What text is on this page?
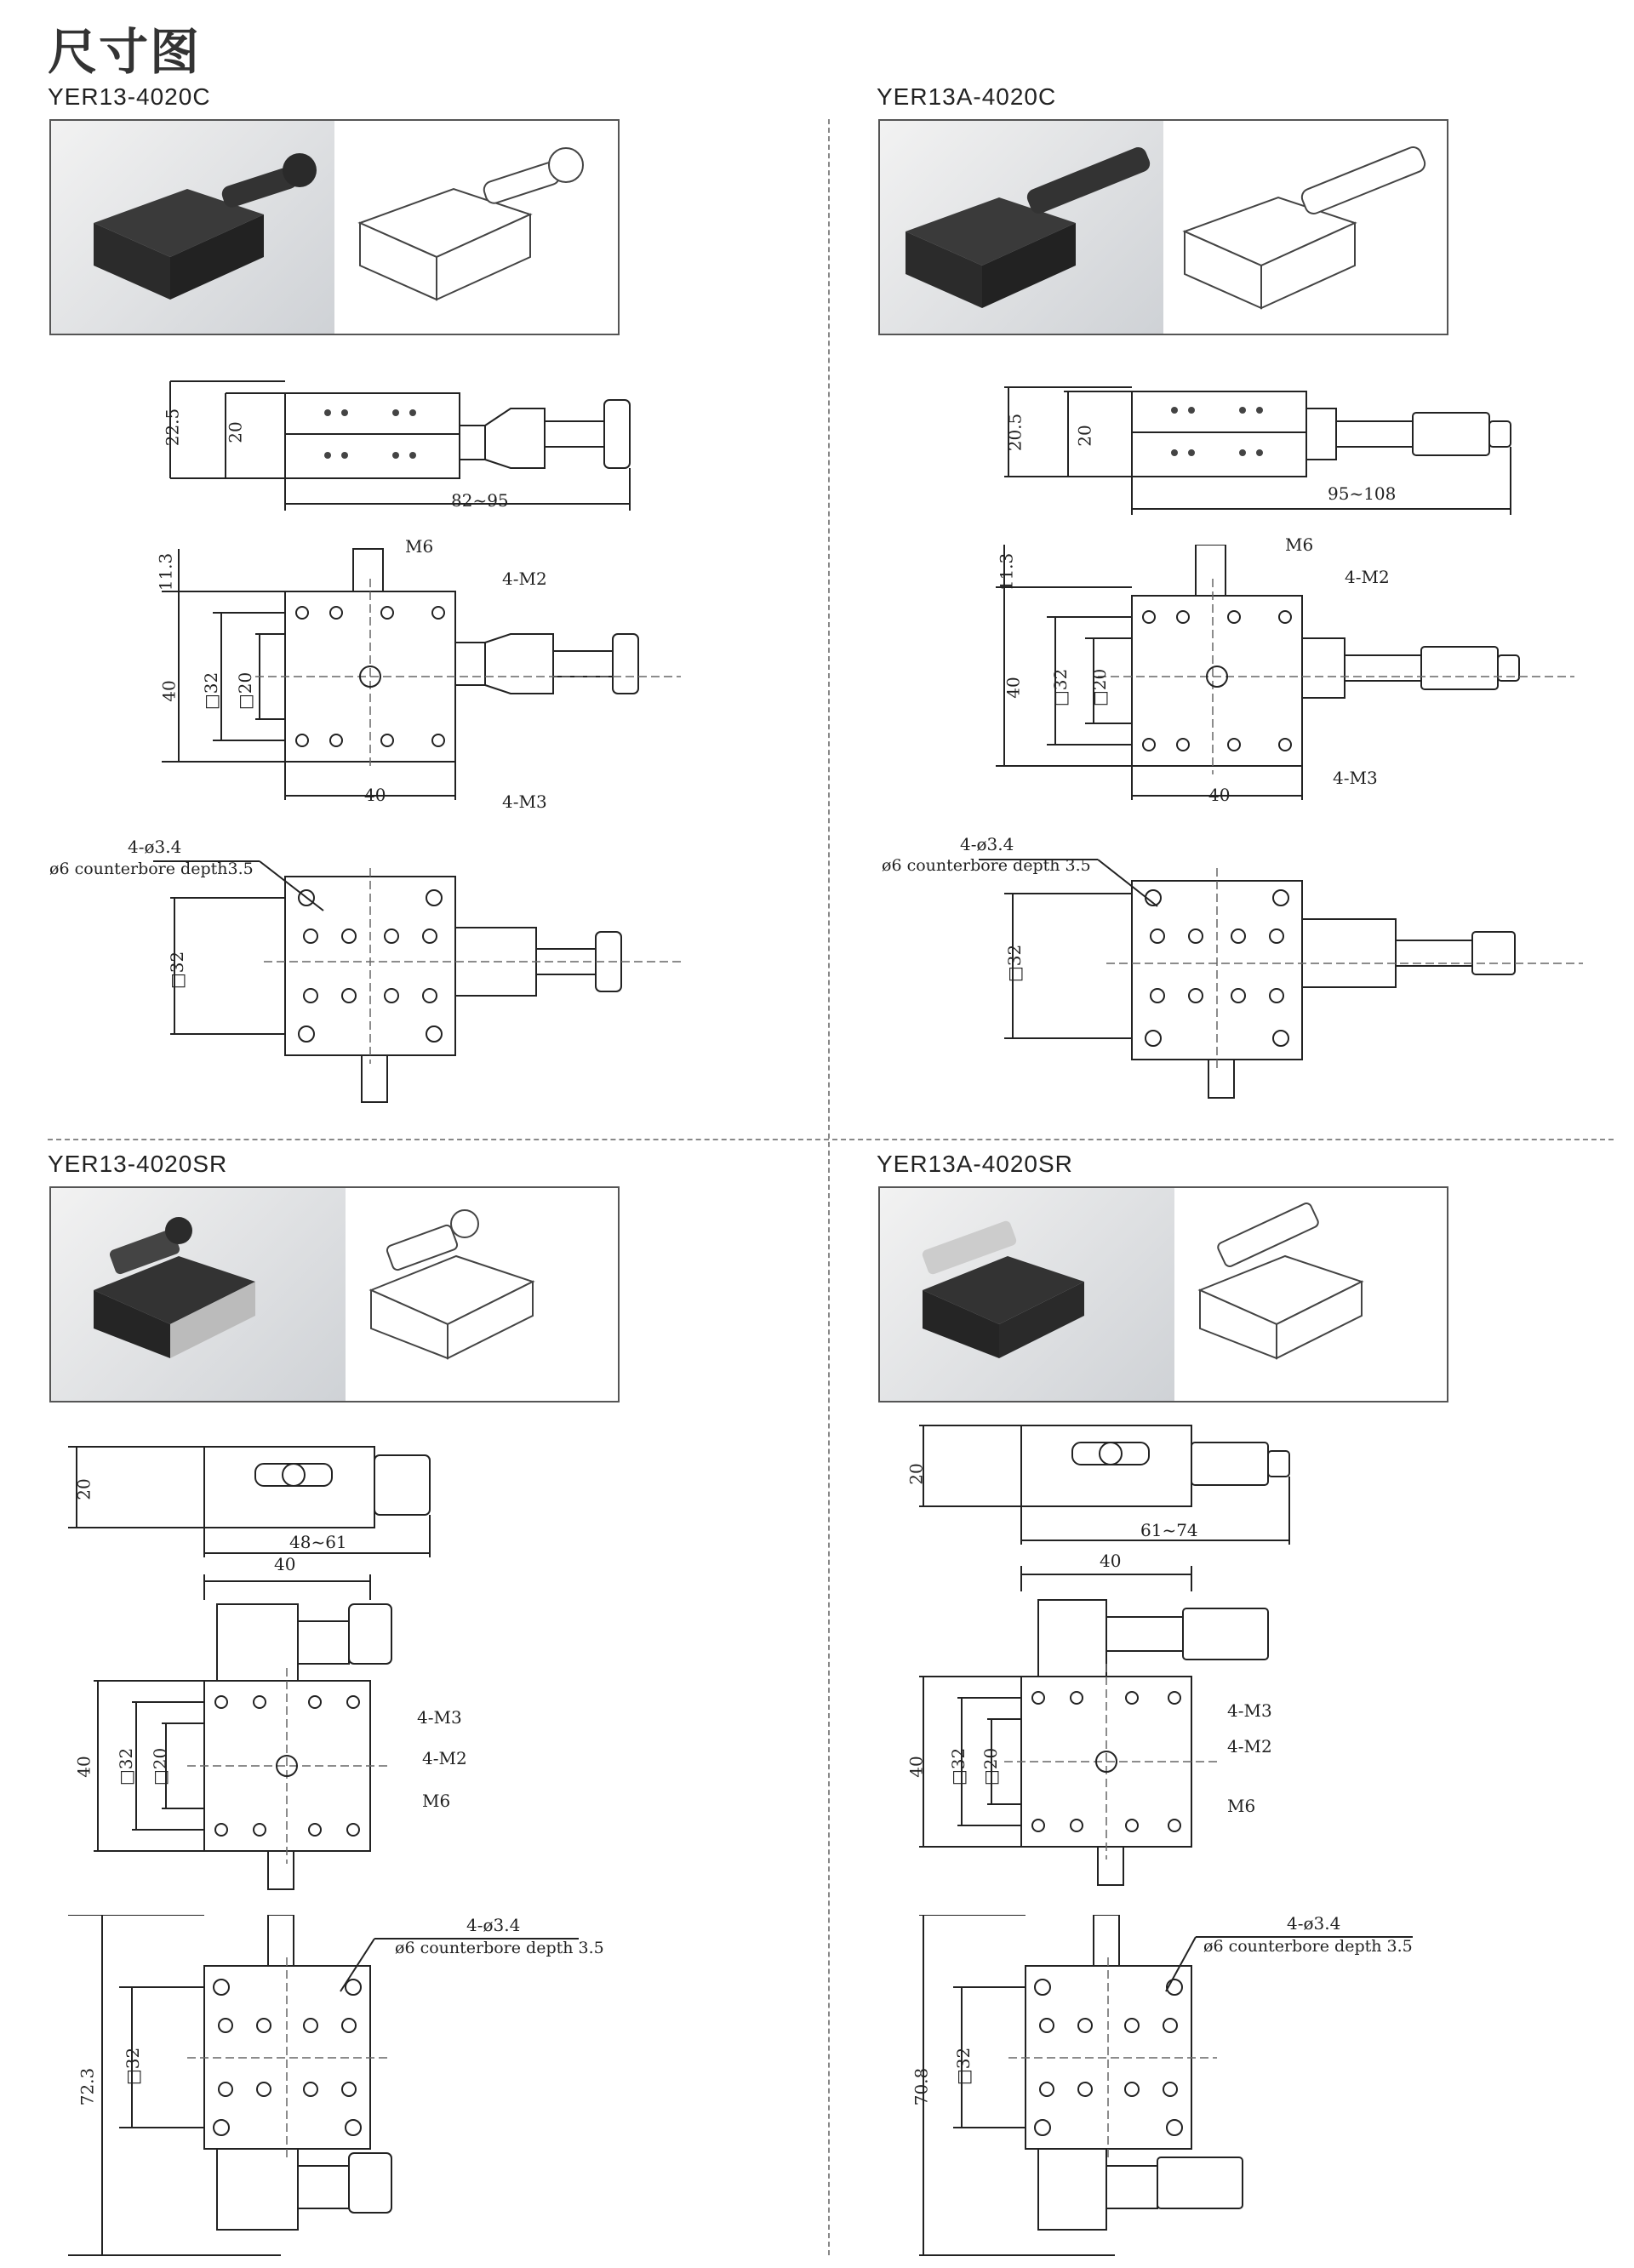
尺寸图
YER13-4020C
22.5	20
82~95
11.3
40 □32 □20
40
M6
4-M2
4-M3
4-ø3.4
ø6 counterbore depth3.5
□32
YER13A-4020C
20.5	20
95~108
11.3
40 □32 □20
40
M6
4-M2
4-M3
4-ø3.4
ø6 counterbore depth 3.5
□32
YER13-4020SR
20
48~61
40
40 □32 □20
4-M3
4-M2
M6
4-ø3.4
ø6 counterbore depth 3.5
72.3
□32
YER13A-4020SR
20
61~74
40
40 □32 □20
4-M3
4-M2
M6
4-ø3.4
ø6 counterbore depth 3.5
70.8
□32
